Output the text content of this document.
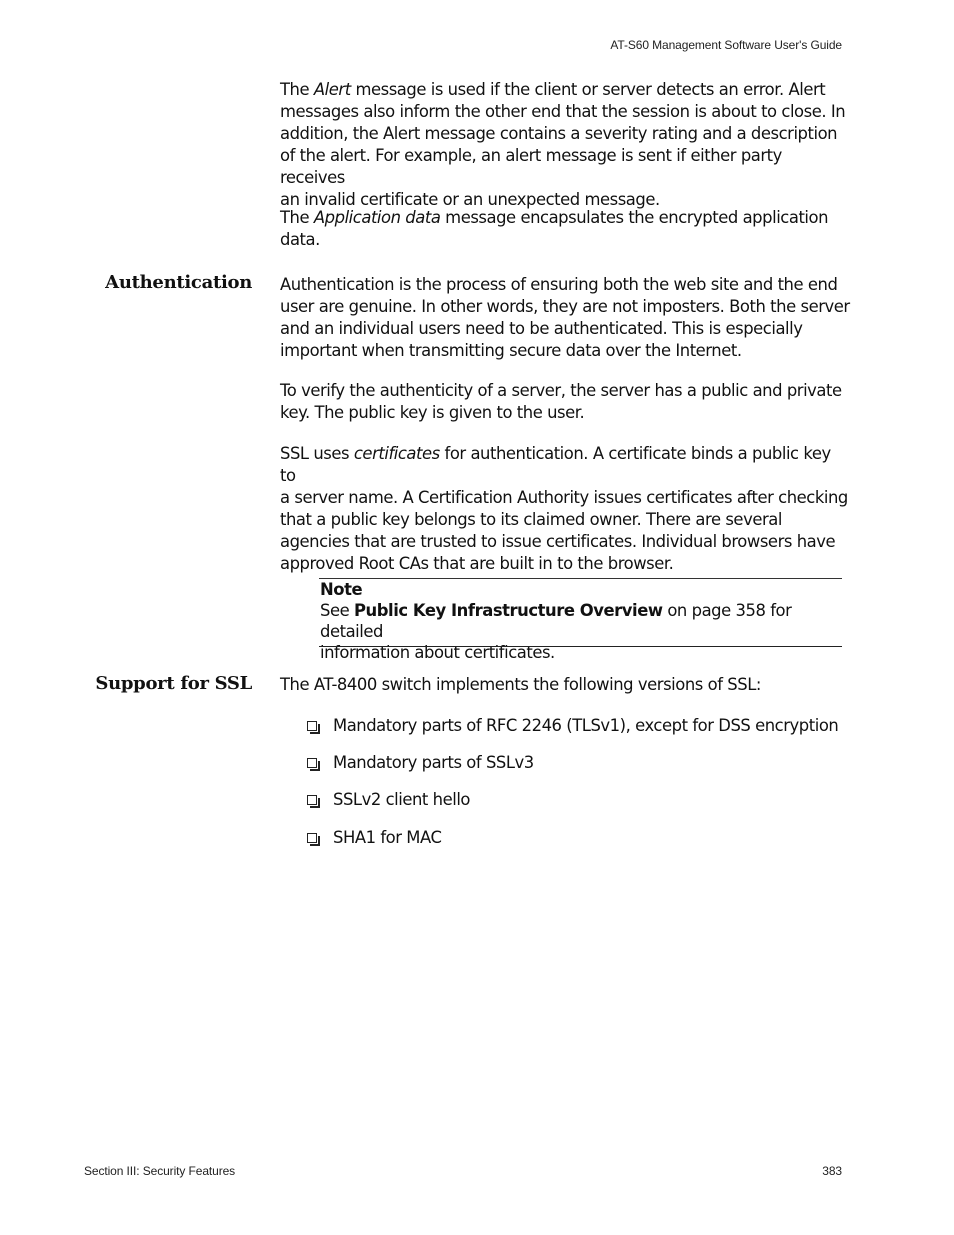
AT-S60 Management Software User's Guide

The Alert message is used if the client or server detects an error. Alert

messages also inform the other end that the session is about to close. In

addition, the Alert message contains a severity rating and a description

of the alert. For example, an alert message is sent if either party receives

an invalid certificate or an unexpected message.

The Application data message encapsulates the encrypted application

data.

Authentication Authentication is the process of ensuring both the web site and the end

user are genuine. In other words, they are not imposters. Both the server

and an individual users need to be authenticated. This is especially

important when transmitting secure data over the Internet.

To verify the authenticity of a server, the server has a public and private

key. The public key is given to the user.

SSL uses certificates for authentication. A certificate binds a public key to

a server name. A Certification Authority issues certificates after checking

that a public key belongs to its claimed owner. There are several

agencies that are trusted to issue certificates. Individual browsers have

approved Root CAs that are built in to the browser.

Note

See Public Key Infrastructure Overview on page 358 for detailed

information about certificates.

Support for SSL The AT-8400 switch implements the following versions of SSL:
Mandatory parts of RFC 2246 (TLSv1), except for DSS encryption
Mandatory parts of SSLv3
SSLv2 client hello
SHA1 for MAC
Section III: Security Features	383
